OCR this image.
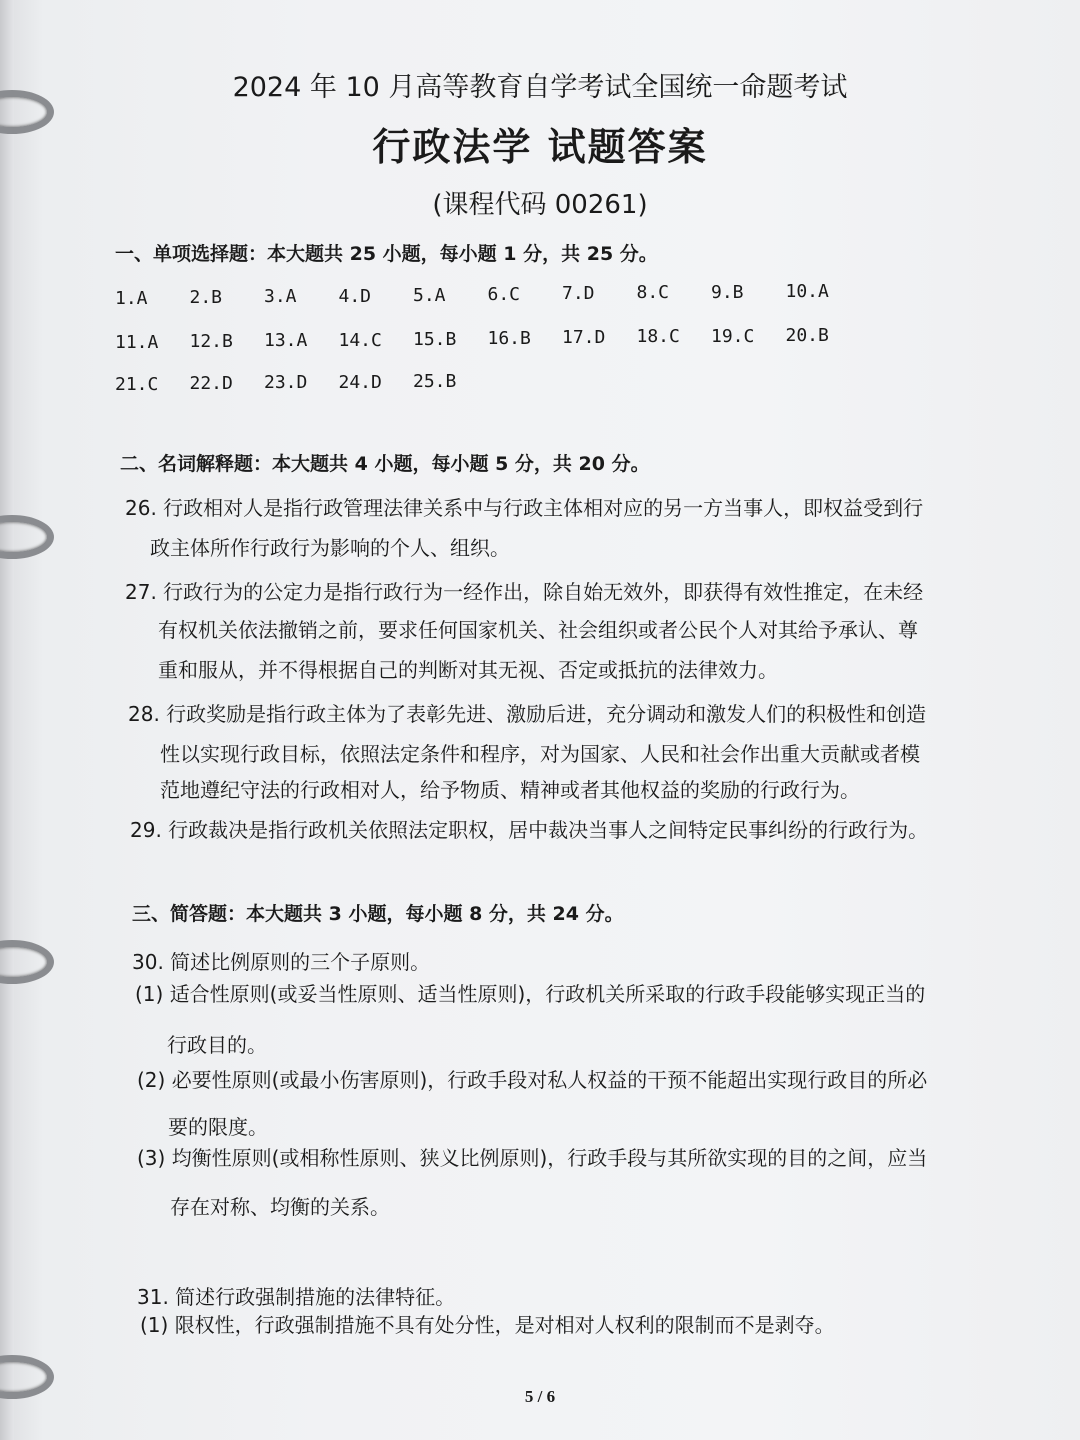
2024 年 10 月高等教育自学考试全国统一命题考试
行政法学 试题答案
(课程代码 00261)
一、单项选择题：本大题共 25 小题，每小题 1 分，共 25 分。
1.A 2.B 3.A 4.D 5.A 6.C 7.D 8.C 9.B 10.A
11.A 12.B 13.A 14.C 15.B 16.B 17.D 18.C 19.C 20.B
21.C 22.D 23.D 24.D 25.B
二、名词解释题：本大题共 4 小题，每小题 5 分，共 20 分。
26. 行政相对人是指行政管理法律关系中与行政主体相对应的另一方当事人，即权益受到行
政主体所作行政行为影响的个人、组织。
27. 行政行为的公定力是指行政行为一经作出，除自始无效外，即获得有效性推定，在未经
有权机关依法撤销之前，要求任何国家机关、社会组织或者公民个人对其给予承认、尊
重和服从，并不得根据自己的判断对其无视、否定或抵抗的法律效力。
28. 行政奖励是指行政主体为了表彰先进、激励后进，充分调动和激发人们的积极性和创造
性以实现行政目标，依照法定条件和程序，对为国家、人民和社会作出重大贡献或者模
范地遵纪守法的行政相对人，给予物质、精神或者其他权益的奖励的行政行为。
29. 行政裁决是指行政机关依照法定职权，居中裁决当事人之间特定民事纠纷的行政行为。
三、简答题：本大题共 3 小题，每小题 8 分，共 24 分。
30. 简述比例原则的三个子原则。
(1) 适合性原则(或妥当性原则、适当性原则)，行政机关所采取的行政手段能够实现正当的
行政目的。
(2) 必要性原则(或最小伤害原则)，行政手段对私人权益的干预不能超出实现行政目的所必
要的限度。
(3) 均衡性原则(或相称性原则、狭义比例原则)，行政手段与其所欲实现的目的之间，应当
存在对称、均衡的关系。
31. 简述行政强制措施的法律特征。
(1) 限权性，行政强制措施不具有处分性，是对相对人权利的限制而不是剥夺。
5 / 6
